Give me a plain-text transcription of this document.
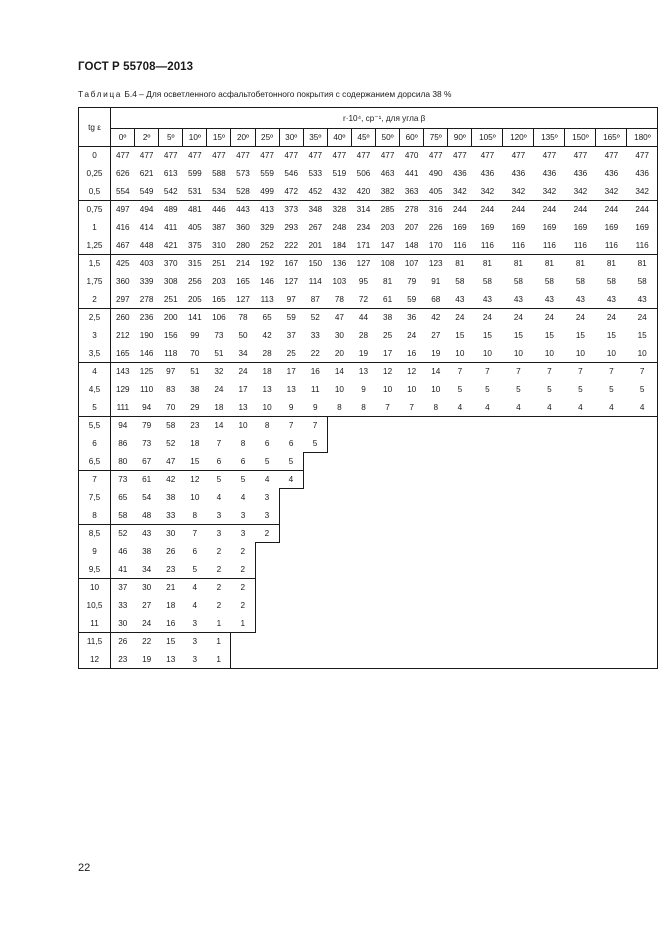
ГОСТ Р 55708—2013
Таблица Б.4 – Для осветленного асфальтобетонного покрытия с содержанием дорсила 38 %
tg ε	r·10⁴, ср⁻¹, для угла β																				
	0º	2º	5º	10º	15º	20º	25º	30º	35º	40º	45º	50º	60º	75º	90º	105º	120º	135º	150º	165º	180º
0	477	477	477	477	477	477	477	477	477	477	477	477	470	477	477	477	477	477	477	477	477
0,25	626	621	613	599	588	573	559	546	533	519	506	463	441	490	436	436	436	436	436	436	436
0,5	554	549	542	531	534	528	499	472	452	432	420	382	363	405	342	342	342	342	342	342	342
0,75	497	494	489	481	446	443	413	373	348	328	314	285	278	316	244	244	244	244	244	244	244
1	416	414	411	405	387	360	329	293	267	248	234	203	207	226	169	169	169	169	169	169	169
1,25	467	448	421	375	310	280	252	222	201	184	171	147	148	170	116	116	116	116	116	116	116
1,5	425	403	370	315	251	214	192	167	150	136	127	108	107	123	81	81	81	81	81	81	81
1,75	360	339	308	256	203	165	146	127	114	103	95	81	79	91	58	58	58	58	58	58	58
2	297	278	251	205	165	127	113	97	87	78	72	61	59	68	43	43	43	43	43	43	43
2,5	260	236	200	141	106	78	65	59	52	47	44	38	36	42	24	24	24	24	24	24	24
3	212	190	156	99	73	50	42	37	33	30	28	25	24	27	15	15	15	15	15	15	15
3,5	165	146	118	70	51	34	28	25	22	20	19	17	16	19	10	10	10	10	10	10	10
4	143	125	97	51	32	24	18	17	16	14	13	12	12	14	7	7	7	7	7	7	7
4,5	129	110	83	38	24	17	13	13	11	10	9	10	10	10	5	5	5	5	5	5	5
5	111	94	70	29	18	13	10	9	9	8	8	7	7	8	4	4	4	4	4	4	4
5,5	94	79	58	23	14	10	8	7	7												
6	86	73	52	18	7	8	6	6	5												
6,5	80	67	47	15	6	6	5	5													
7	73	61	42	12	5	5	4	4													
7,5	65	54	38	10	4	4	3														
8	58	48	33	8	3	3	3														
8,5	52	43	30	7	3	3	2														
9	46	38	26	6	2	2															
9,5	41	34	23	5	2	2															
10	37	30	21	4	2	2															
10,5	33	27	18	4	2	2															
11	30	24	16	3	1	1															
11,5	26	22	15	3	1																
12	23	19	13	3	1																
22
